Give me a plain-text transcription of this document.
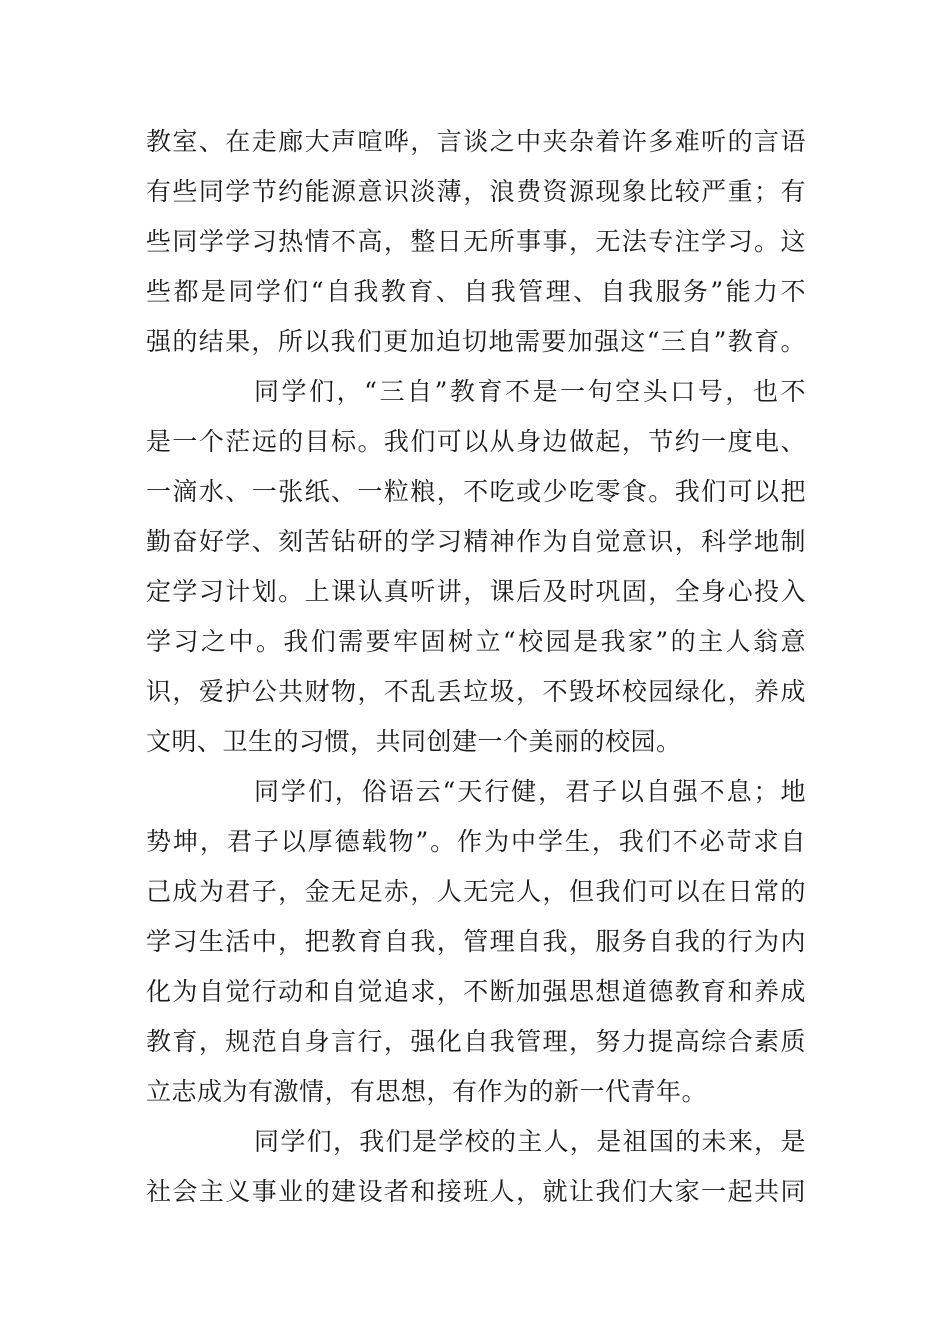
教室、在走廊大声喧哗，言谈之中夹杂着许多难听的言语
有些同学节约能源意识淡薄，浪费资源现象比较严重；有
些同学学习热情不高，整日无所事事，无法专注学习。这
些都是同学们“自我教育、自我管理、自我服务”能力不
强的结果，所以我们更加迫切地需要加强这“三自”教育。
同学们，“三自”教育不是一句空头口号，也不
是一个茫远的目标。我们可以从身边做起，节约一度电、
一滴水、一张纸、一粒粮，不吃或少吃零食。我们可以把
勤奋好学、刻苦钻研的学习精神作为自觉意识，科学地制
定学习计划。上课认真听讲，课后及时巩固，全身心投入
学习之中。我们需要牢固树立“校园是我家”的主人翁意
识，爱护公共财物，不乱丢垃圾，不毁坏校园绿化，养成
文明、卫生的习惯，共同创建一个美丽的校园。
同学们，俗语云“天行健，君子以自强不息；地
势坤，君子以厚德载物”。作为中学生，我们不必苛求自
己成为君子，金无足赤，人无完人，但我们可以在日常的
学习生活中，把教育自我，管理自我，服务自我的行为内
化为自觉行动和自觉追求，不断加强思想道德教育和养成
教育，规范自身言行，强化自我管理，努力提高综合素质
立志成为有激情，有思想，有作为的新一代青年。
同学们，我们是学校的主人，是祖国的未来，是
社会主义事业的建设者和接班人，就让我们大家一起共同
